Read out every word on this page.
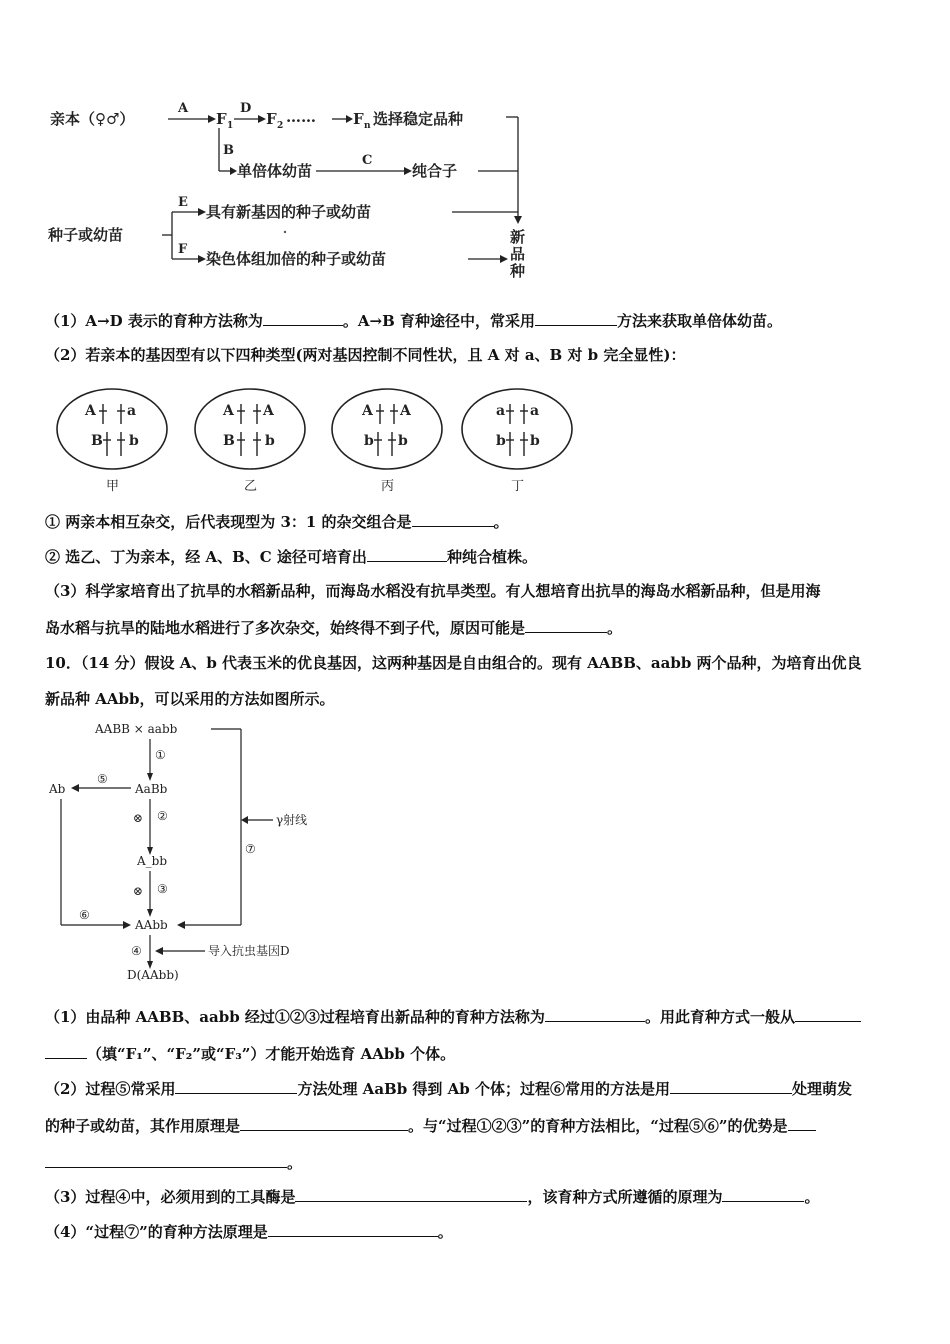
亲本（♀♂）
A
F 1
D
F 2 …… F n 选择稳定品种
B
单倍体幼苗
C
纯合子
种子或幼苗
E
具有新基因的种子或幼苗
F
染色体组加倍的种子或幼苗
新
品
种
（1）A→D 表示的育种方法称为	。A→B 育种途径中，常采用	方法来获取单倍体幼苗。
（2）若亲本的基因型有以下四种类型(两对基因控制不同性状，且 A 对 a、B 对 b 完全显性)：
A a
B b
甲
A A
B b
乙
A A
b b
丙
a a
b b
丁
① 两亲本相互杂交，后代表现型为 3：1 的杂交组合是	。
② 选乙、丁为亲本，经 A、B、C 途径可培育出	种纯合植株。
（3）科学家培育出了抗旱的水稻新品种，而海岛水稻没有抗旱类型。有人想培育出抗旱的海岛水稻新品种，但是用海
岛水稻与抗旱的陆地水稻进行了多次杂交，始终得不到子代，原因可能是	。
10．（14 分）假设 A、b 代表玉米的优良基因，这两种基因是自由组合的。现有 AABB、aabb 两个品种，为培育出优良
新品种 AAbb，可以采用的方法如图所示。
AABB × aabb
①
AaBb
⑤
Ab
⑥
⊗ ②
A_bb
⊗ ③
AAbb
γ射线
⑦
④	导入抗虫基因D
D(AAbb)
（1）由品种 AABB、aabb 经过①②③过程培育出新品种的育种方法称为	。用此育种方式一般从
（填“F₁”、“F₂”或“F₃”）才能开始选育 AAbb 个体。
（2）过程⑤常采用	方法处理 AaBb 得到 Ab 个体；过程⑥常用的方法是用	处理萌发
的种子或幼苗，其作用原理是	。与“过程①②③”的育种方法相比，“过程⑤⑥”的优势是
。
（3）过程④中，必须用到的工具酶是	，该育种方式所遵循的原理为	。
（4）“过程⑦”的育种方法原理是	。
